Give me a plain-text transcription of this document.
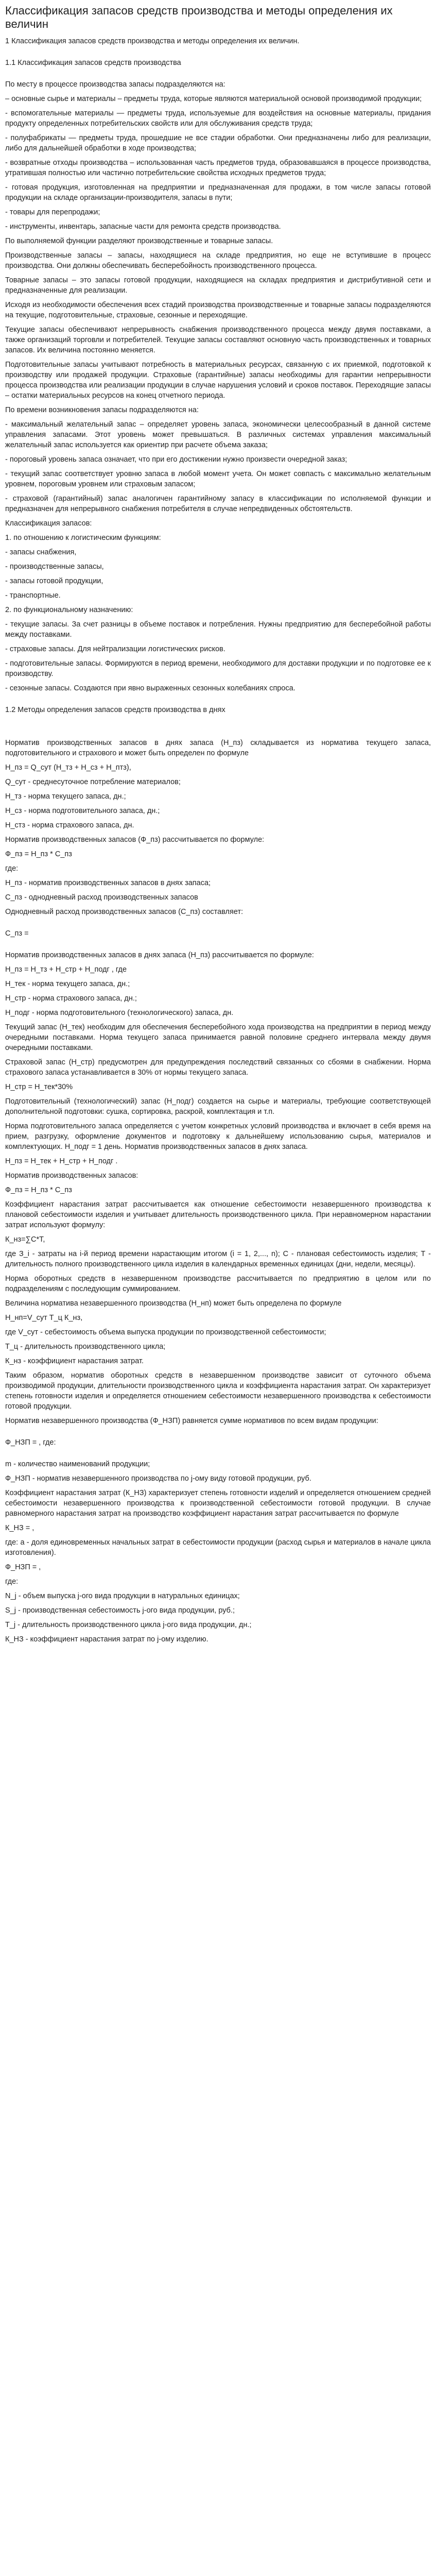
Классификация запасов средств производства и методы определения их величин

1 Классификация запасов средств производства и методы определения их величин.

1.1 Классификация запасов средств производства

По месту в процессе производства запасы подразделяются на:

– основные сырье и материалы – предметы труда, которые являются материальной основой производимой продукции;

- вспомогательные материалы — предметы труда, используемые для воздействия на основные материалы, придания продукту определенных потребительских свойств или для обслуживания средств труда;

- полуфабрикаты — предметы труда, прошедшие не все стадии обработки. Они предназначены либо для реализации, либо для дальнейшей обработки в ходе производства;

- возвратные отходы производства – использованная часть предметов труда, образовавшаяся в процессе производства, утратившая полностью или частично потребительские свойства исходных предметов труда;

- готовая продукция, изготовленная на предприятии и предназначенная для продажи, в том числе запасы готовой продукции на складе организации-производителя, запасы в пути;

- товары для перепродажи;

- инструменты, инвентарь, запасные части для ремонта средств производства.

По выполняемой функции разделяют производственные и товарные запасы.

Производственные запасы – запасы, находящиеся на складе предприятия, но еще не вступившие в процесс производства. Они должны обеспечивать бесперебойность производственного процесса.

Товарные запасы – это запасы готовой продукции, находящиеся на складах предприятия и дистрибутивной сети и предназначенные для реализации.

Исходя из необходимости обеспечения всех стадий производства производственные и товарные запасы подразделяются на текущие, подготовительные, страховые, сезонные и переходящие.

Текущие запасы обеспечивают непрерывность снабжения производственного процесса между двумя поставками, а также организаций торговли и потребителей. Текущие запасы составляют основную часть производственных и товарных запасов. Их величина постоянно меняется.

Подготовительные запасы учитывают потребность в материальных ресурсах, связанную с их приемкой, подготовкой к производству или продажей продукции. Страховые (гарантийные) запасы необходимы для гарантии непрерывности процесса производства или реализации продукции в случае нарушения условий и сроков поставок. Переходящие запасы – остатки материальных ресурсов на конец отчетного периода.

По времени возникновения запасы подразделяются на:

- максимальный желательный запас – определяет уровень запаса, экономически целесообразный в данной системе управления запасами. Этот уровень может превышаться. В различных системах управления максимальный желательный запас используется как ориентир при расчете объема заказа;

- пороговый уровень запаса означает, что при его достижении нужно произвести очередной заказ;

- текущий запас соответствует уровню запаса в любой момент учета. Он может совпасть с максимально желательным уровнем, пороговым уровнем или страховым запасом;

- страховой (гарантийный) запас аналогичен гарантийному запасу в классификации по исполняемой функции и предназначен для непрерывного снабжения потребителя в случае непредвиденных обстоятельств.

Классификация запасов:

1. по отношению к логистическим функциям:

- запасы снабжения,

- производственные запасы,

- запасы готовой продукции,

- транспортные.

2. по функциональному назначению:

- текущие запасы. За счет разницы в объеме поставок и потребления. Нужны предприятию для бесперебойной работы между поставками.

- страховые запасы. Для нейтрализации логистических рисков.

- подготовительные запасы. Формируются в период времени, необходимого для доставки продукции и по подготовке ее к производству.

- сезонные запасы. Создаются при явно выраженных сезонных колебаниях спроса.

1.2 Методы определения запасов средств производства в днях

Норматив производственных запасов в днях запаса (Н_пз) складывается из норматива текущего запаса, подготовительного и страхового и может быть определен по формуле

Н_пз = Q_сут (Н_тз + Н_сз + Н_птз),

Q_сут - среднесуточное потребление материалов;

Н_тз - норма текущего запаса, дн.;

Н_сз - норма подготовительного запаса, дн.;

Н_стз - норма страхового запаса, дн.

Норматив производственных запасов (Ф_пз) рассчитывается по формуле:

Ф_пз = Н_пз * С_пз

где:

Н_пз - норматив производственных запасов в днях запаса;

С_пз - однодневный расход производственных запасов

Однодневный расход производственных запасов (С_пз) составляет:

С_пз =

Норматив производственных запасов в днях запаса (Н_пз) рассчитывается по формуле:

Н_пз = Н_тз + Н_стр + Н_подг , где

Н_тек - норма текущего запаса, дн.;

Н_стр - норма страхового запаса, дн.;

Н_подг - норма подготовительного (технологического) запаса, дн.

Текущий запас (Н_тек) необходим для обеспечения бесперебойного хода производства на предприятии в период между очередными поставками. Норма текущего запаса принимается равной половине среднего интервала между двумя очередными поставками.

Страховой запас (Н_стр) предусмотрен для предупреждения последствий связанных со сбоями в снабжении. Норма страхового запаса устанавливается в 30% от нормы текущего запаса.

Н_стр = Н_тек*30%

Подготовительный (технологический) запас (Н_подг) создается на сырье и материалы, требующие соответствующей дополнительной подготовки: сушка, сортировка, раскрой, комплектация и т.п.

Норма подготовительного запаса определяется с учетом конкретных условий производства и включает в себя время на прием, разгрузку, оформление документов и подготовку к дальнейшему использованию сырья, материалов и комплектующих. Н_подг = 1 день. Норматив производственных запасов в днях запаса.

Н_пз = Н_тек + Н_стр + Н_подг .

Норматив производственных запасов:

Ф_пз = Н_пз * С_пз

Коэффициент нарастания затрат рассчитывается как отношение себестоимости незавершенного производства к плановой себестоимости изделия и учитывает длительность производственного цикла. При неравномерном нарастании затрат используют формулу:

К_нз=∑С*Т,

где З_i - затраты на i-й период времени нарастающим итогом (i = 1, 2,..., n); С - плановая себестоимость изделия; Т - длительность полного производственного цикла изделия в календарных временных единицах (дни, недели, месяцы).

Норма оборотных средств в незавершенном производстве рассчитывается по предприятию в целом или по подразделениям с последующим суммированием.

Величина норматива незавершенного производства (Н_нп) может быть определена по формуле

Н_нп=V_сут Т_ц К_нз,

где V_сут - себестоимость объема выпуска продукции по производственной себестоимости;

Т_ц - длительность производственного цикла;

К_нз - коэффициент нарастания затрат.

Таким образом, норматив оборотных средств в незавершенном производстве зависит от суточного объема производимой продукции, длительности производственного цикла и коэффициента нарастания затрат. Он характеризует степень готовности изделия и определяется отношением себестоимости незавершенного производства к себестоимости готовой продукции.

Норматив незавершенного производства (Ф_НЗП) равняется сумме нормативов по всем видам продукции:

Ф_НЗП = , где:

m - количество наименований продукции;

Ф_НЗП - норматив незавершенного производства по j-ому виду готовой продукции, руб.

Коэффициент нарастания затрат (К_НЗ) характеризует степень готовности изделий и определяется отношением средней себестоимости незавершенного производства к производственной себестоимости готовой продукции. В случае равномерного нарастания затрат на производство коэффициент нарастания затрат рассчитывается по формуле

К_НЗ = ,

где: а - доля единовременных начальных затрат в себестоимости продукции (расход сырья и материалов в начале цикла изготовления).

Ф_НЗП = ,

где:

N_j - объем выпуска j-ого вида продукции в натуральных единицах;

S_j - производственная себестоимость j-ого вида продукции, руб.;

Т_j - длительность производственного цикла j-ого вида продукции, дн.;

К_НЗ - коэффициент нарастания затрат по j-ому изделию.
